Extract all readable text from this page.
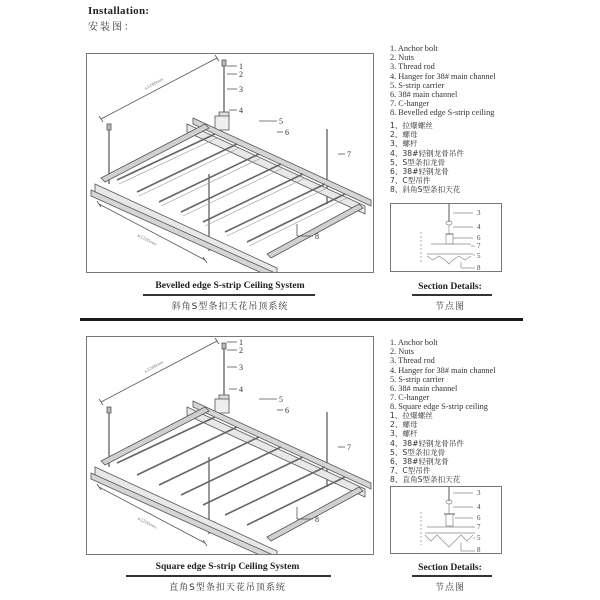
Installation:
安装图：
1
2
3
4
5
6
7
8
≤1200mm
≤1200mm
1. Anchor bolt
2. Nuts
3. Thread rod
4. Hanger for 38# main channel
5. S-strip carrier
6. 38# main channel
7. C-hanger
8. Bevelled edge S-strip ceiling
1、拉爆螺丝
2、螺母
3、螺杆
4、38#轻钢龙骨吊件
5、S型条扣龙骨
6、38#轻钢龙骨
7、C型吊件
8、斜角S型条扣天花
3
4
6
7
5
8
Bevelled edge S-strip Ceiling System
斜角S型条扣天花吊顶系统
Section Details:
节点图
1
2
3
4
5
6
7
8
≤1200mm
≤1200mm
1. Anchor bolt
2. Nuts
3. Thread rod
4. Hanger for 38# main channel
5. S-strip carrier
6. 38# main channel
7. C-hanger
8. Square edge S-strip ceiling
1、拉爆螺丝
2、螺母
3、螺杆
4、38#轻钢龙骨吊件
5、S型条扣龙骨
6、38#轻钢龙骨
7、C型吊件
8、直角S型条扣天花
3
4
6
7
5
8
Square edge S-strip Ceiling System
直角S型条扣天花吊顶系统
Section Details:
节点图
